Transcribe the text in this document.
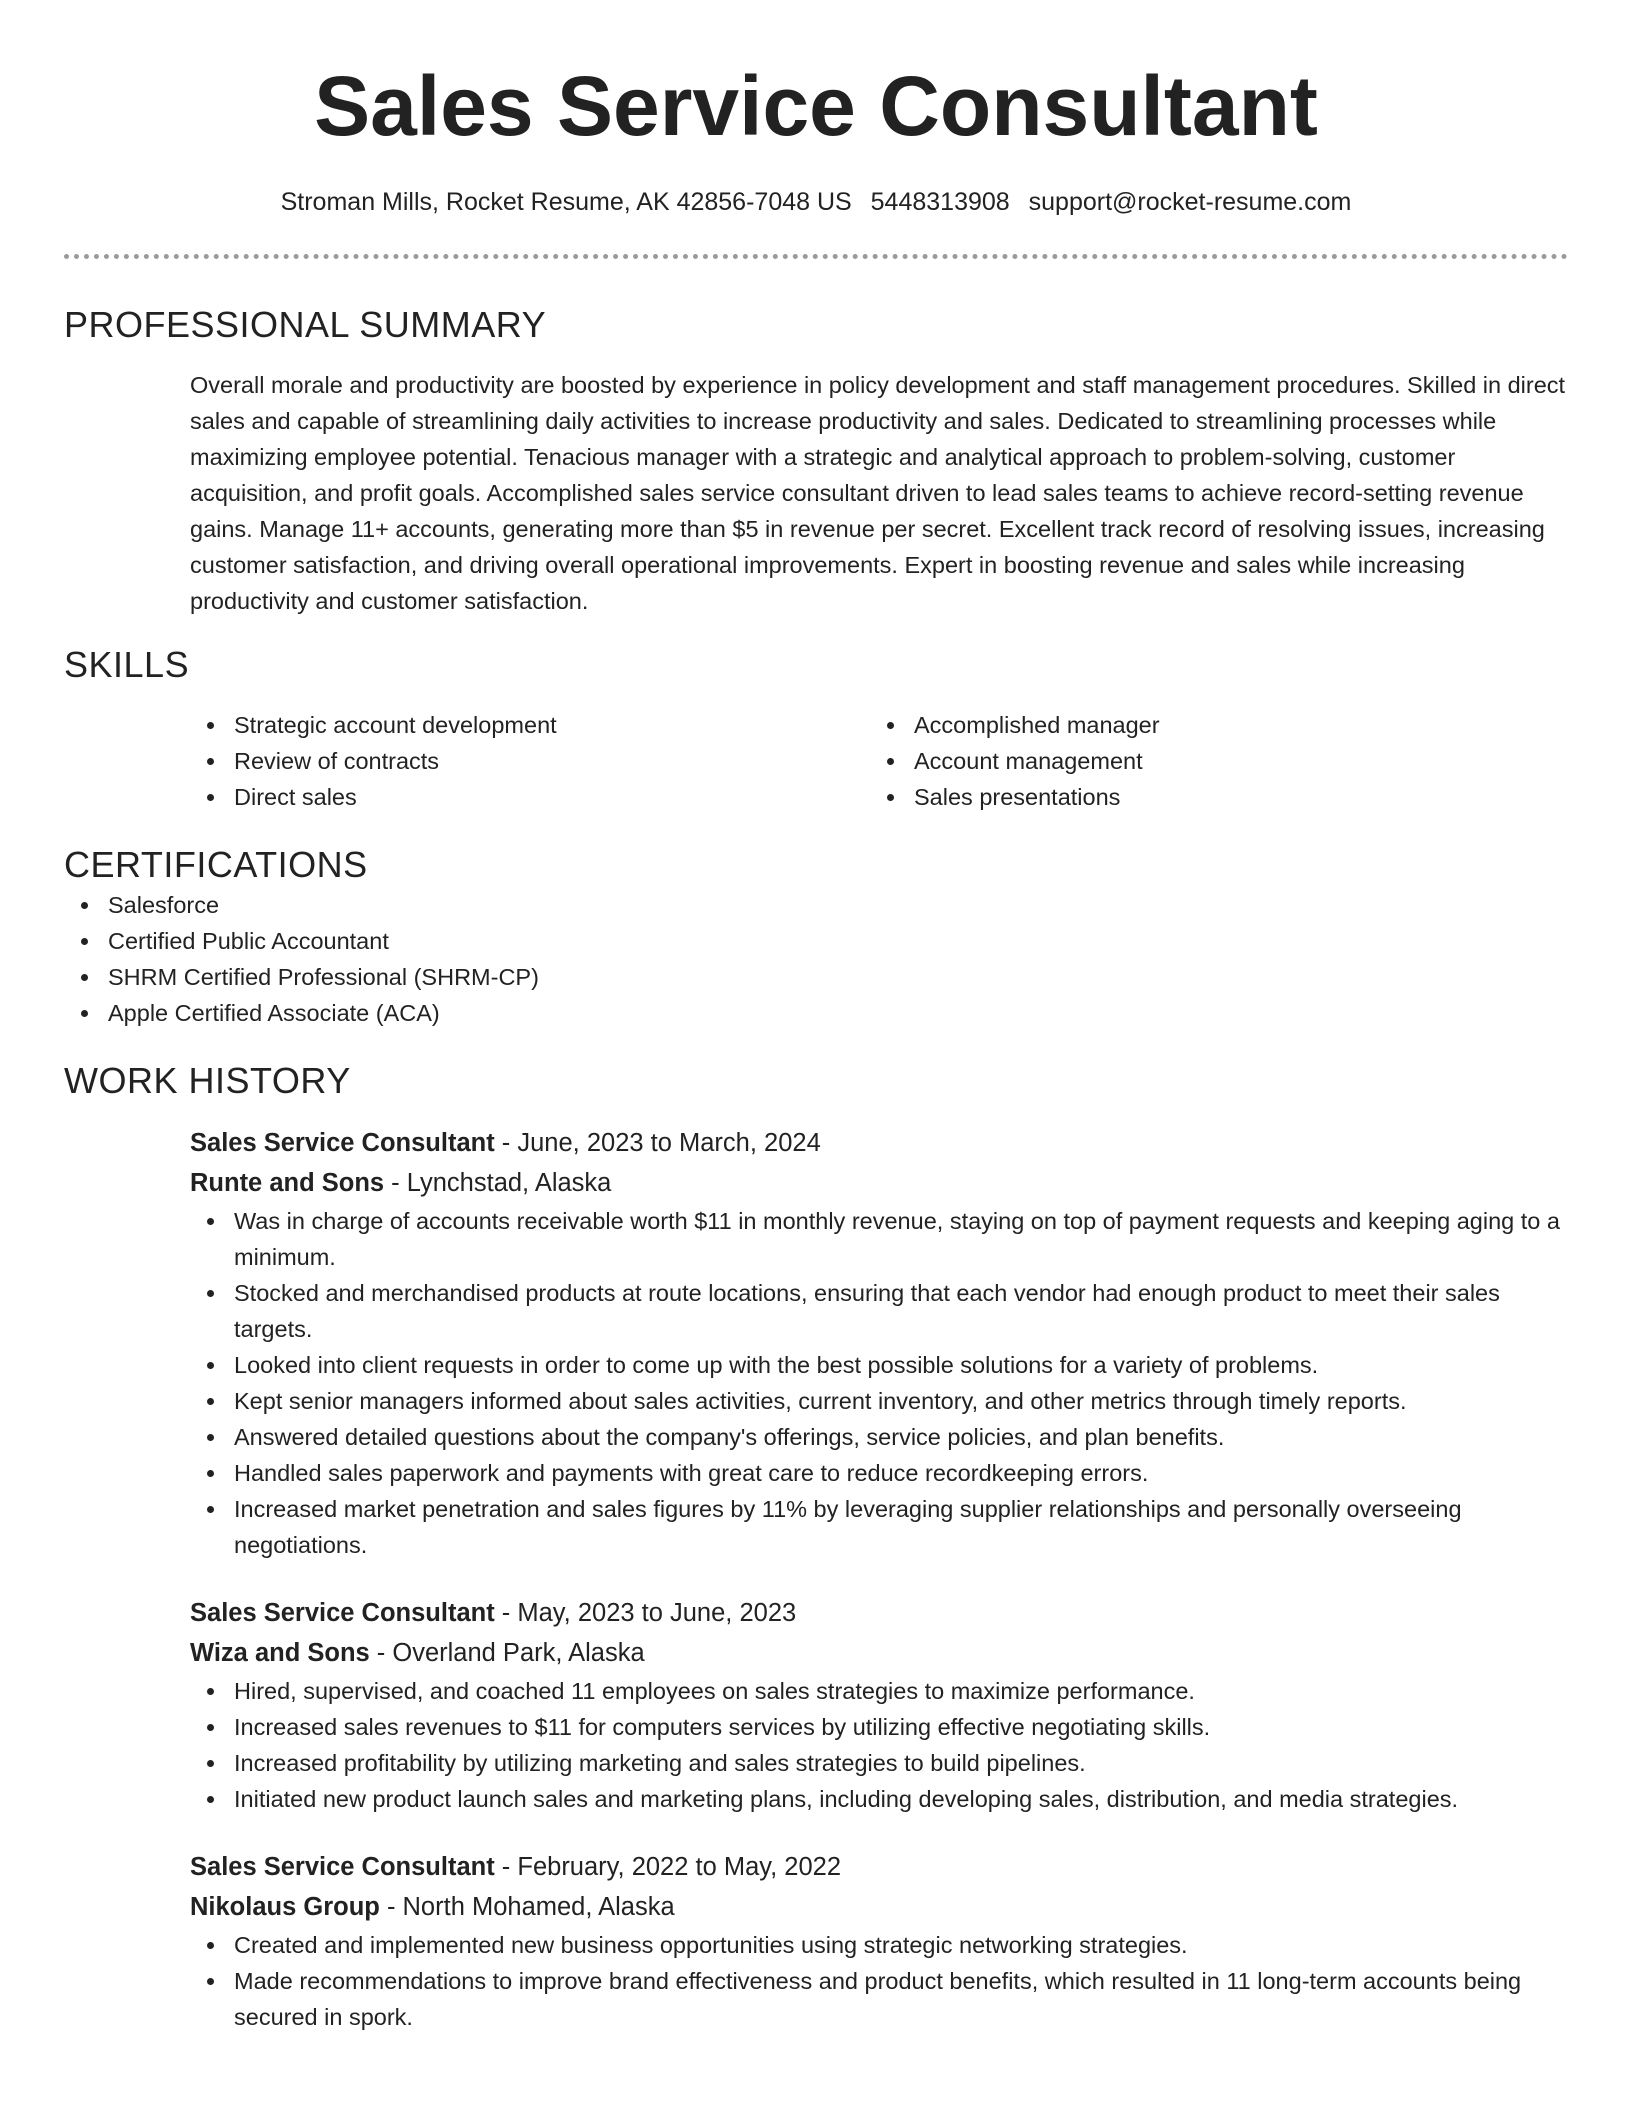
Sales Service Consultant
Stroman Mills, Rocket Resume, AK 42856-7048 US 5448313908 support@rocket-resume.com
PROFESSIONAL SUMMARY
Overall morale and productivity are boosted by experience in policy development and staff management procedures. Skilled in direct sales and capable of streamlining daily activities to increase productivity and sales. Dedicated to streamlining processes while maximizing employee potential. Tenacious manager with a strategic and analytical approach to problem-solving, customer acquisition, and profit goals. Accomplished sales service consultant driven to lead sales teams to achieve record-setting revenue gains. Manage 11+ accounts, generating more than $5 in revenue per secret. Excellent track record of resolving issues, increasing customer satisfaction, and driving overall operational improvements. Expert in boosting revenue and sales while increasing productivity and customer satisfaction.
SKILLS
Strategic account development
Review of contracts
Direct sales
Accomplished manager
Account management
Sales presentations
CERTIFICATIONS
Salesforce
Certified Public Accountant
SHRM Certified Professional (SHRM-CP)
Apple Certified Associate (ACA)
WORK HISTORY
Sales Service Consultant - June, 2023 to March, 2024
Runte and Sons - Lynchstad, Alaska
Was in charge of accounts receivable worth $11 in monthly revenue, staying on top of payment requests and keeping aging to a minimum.
Stocked and merchandised products at route locations, ensuring that each vendor had enough product to meet their sales targets.
Looked into client requests in order to come up with the best possible solutions for a variety of problems.
Kept senior managers informed about sales activities, current inventory, and other metrics through timely reports.
Answered detailed questions about the company's offerings, service policies, and plan benefits.
Handled sales paperwork and payments with great care to reduce recordkeeping errors.
Increased market penetration and sales figures by 11% by leveraging supplier relationships and personally overseeing negotiations.
Sales Service Consultant - May, 2023 to June, 2023
Wiza and Sons - Overland Park, Alaska
Hired, supervised, and coached 11 employees on sales strategies to maximize performance.
Increased sales revenues to $11 for computers services by utilizing effective negotiating skills.
Increased profitability by utilizing marketing and sales strategies to build pipelines.
Initiated new product launch sales and marketing plans, including developing sales, distribution, and media strategies.
Sales Service Consultant - February, 2022 to May, 2022
Nikolaus Group - North Mohamed, Alaska
Created and implemented new business opportunities using strategic networking strategies.
Made recommendations to improve brand effectiveness and product benefits, which resulted in 11 long-term accounts being secured in spork.
